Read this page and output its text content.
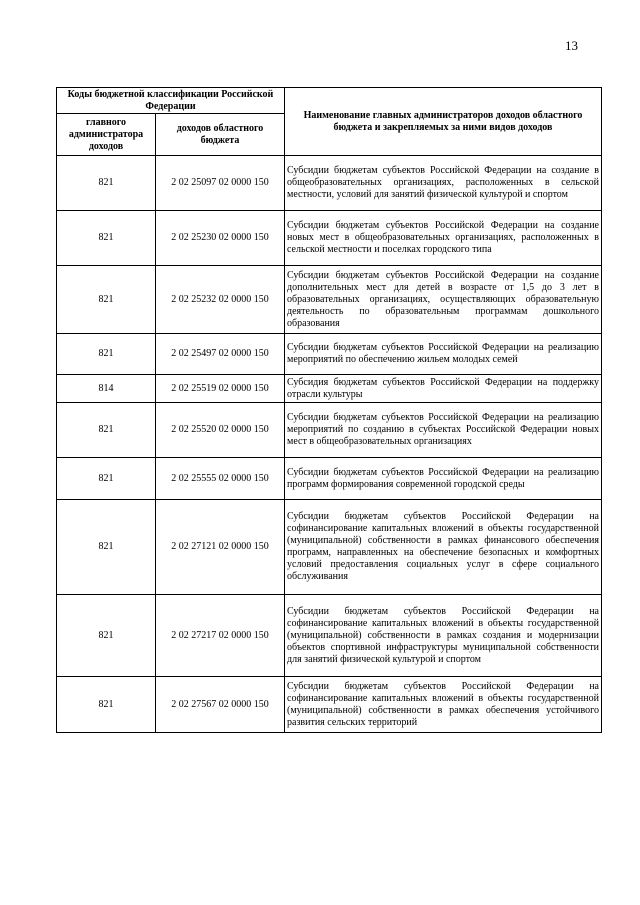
13
Коды бюджетной классификации Российской Федерации		Наименование главных администраторов доходов областного бюджета и закрепляемых за ними видов доходов
главного администратора доходов	доходов областного бюджета	
821	2 02 25097 02 0000 150	Субсидии бюджетам субъектов Российской Федерации на создание в общеобразовательных организациях, расположенных в сельской местности, условий для занятий физической культурой и спортом
821	2 02 25230 02 0000 150	Субсидии бюджетам субъектов Российской Федерации на создание новых мест в общеобразовательных организациях, расположенных в сельской местности и поселках городского типа
821	2 02 25232 02 0000 150	Субсидии бюджетам субъектов Российской Федерации на создание дополнительных мест для детей в возрасте от 1,5 до 3 лет в образовательных организациях, осуществляющих образовательную деятельность по образовательным программам дошкольного образования
821	2 02 25497 02 0000 150	Субсидии бюджетам субъектов Российской Федерации на реализацию мероприятий по обеспечению жильем молодых семей
814	2 02 25519 02 0000 150	Субсидия бюджетам субъектов Российской Федерации на поддержку отрасли культуры
821	2 02 25520 02 0000 150	Субсидии бюджетам субъектов Российской Федерации на реализацию мероприятий по созданию в субъектах Российской Федерации новых мест в общеобразовательных организациях
821	2 02 25555 02 0000 150	Субсидии бюджетам субъектов Российской Федерации на реализацию программ формирования современной городской среды
821	2 02 27121 02 0000 150	Субсидии бюджетам субъектов Российской Федерации на софинансирование капитальных вложений в объекты государственной (муниципальной) собственности в рамках финансового обеспечения программ, направленных на обеспечение безопасных и комфортных условий предоставления социальных услуг в сфере социального обслуживания
821	2 02 27217 02 0000 150	Субсидии бюджетам субъектов Российской Федерации на софинансирование капитальных вложений в объекты государственной (муниципальной) собственности в рамках создания и модернизации объектов спортивной инфраструктуры муниципальной собственности для занятий физической культурой и спортом
821	2 02 27567 02 0000 150	Субсидии бюджетам субъектов Российской Федерации на софинансирование капитальных вложений в объекты государственной (муниципальной) собственности в рамках обеспечения устойчивого развития сельских территорий
